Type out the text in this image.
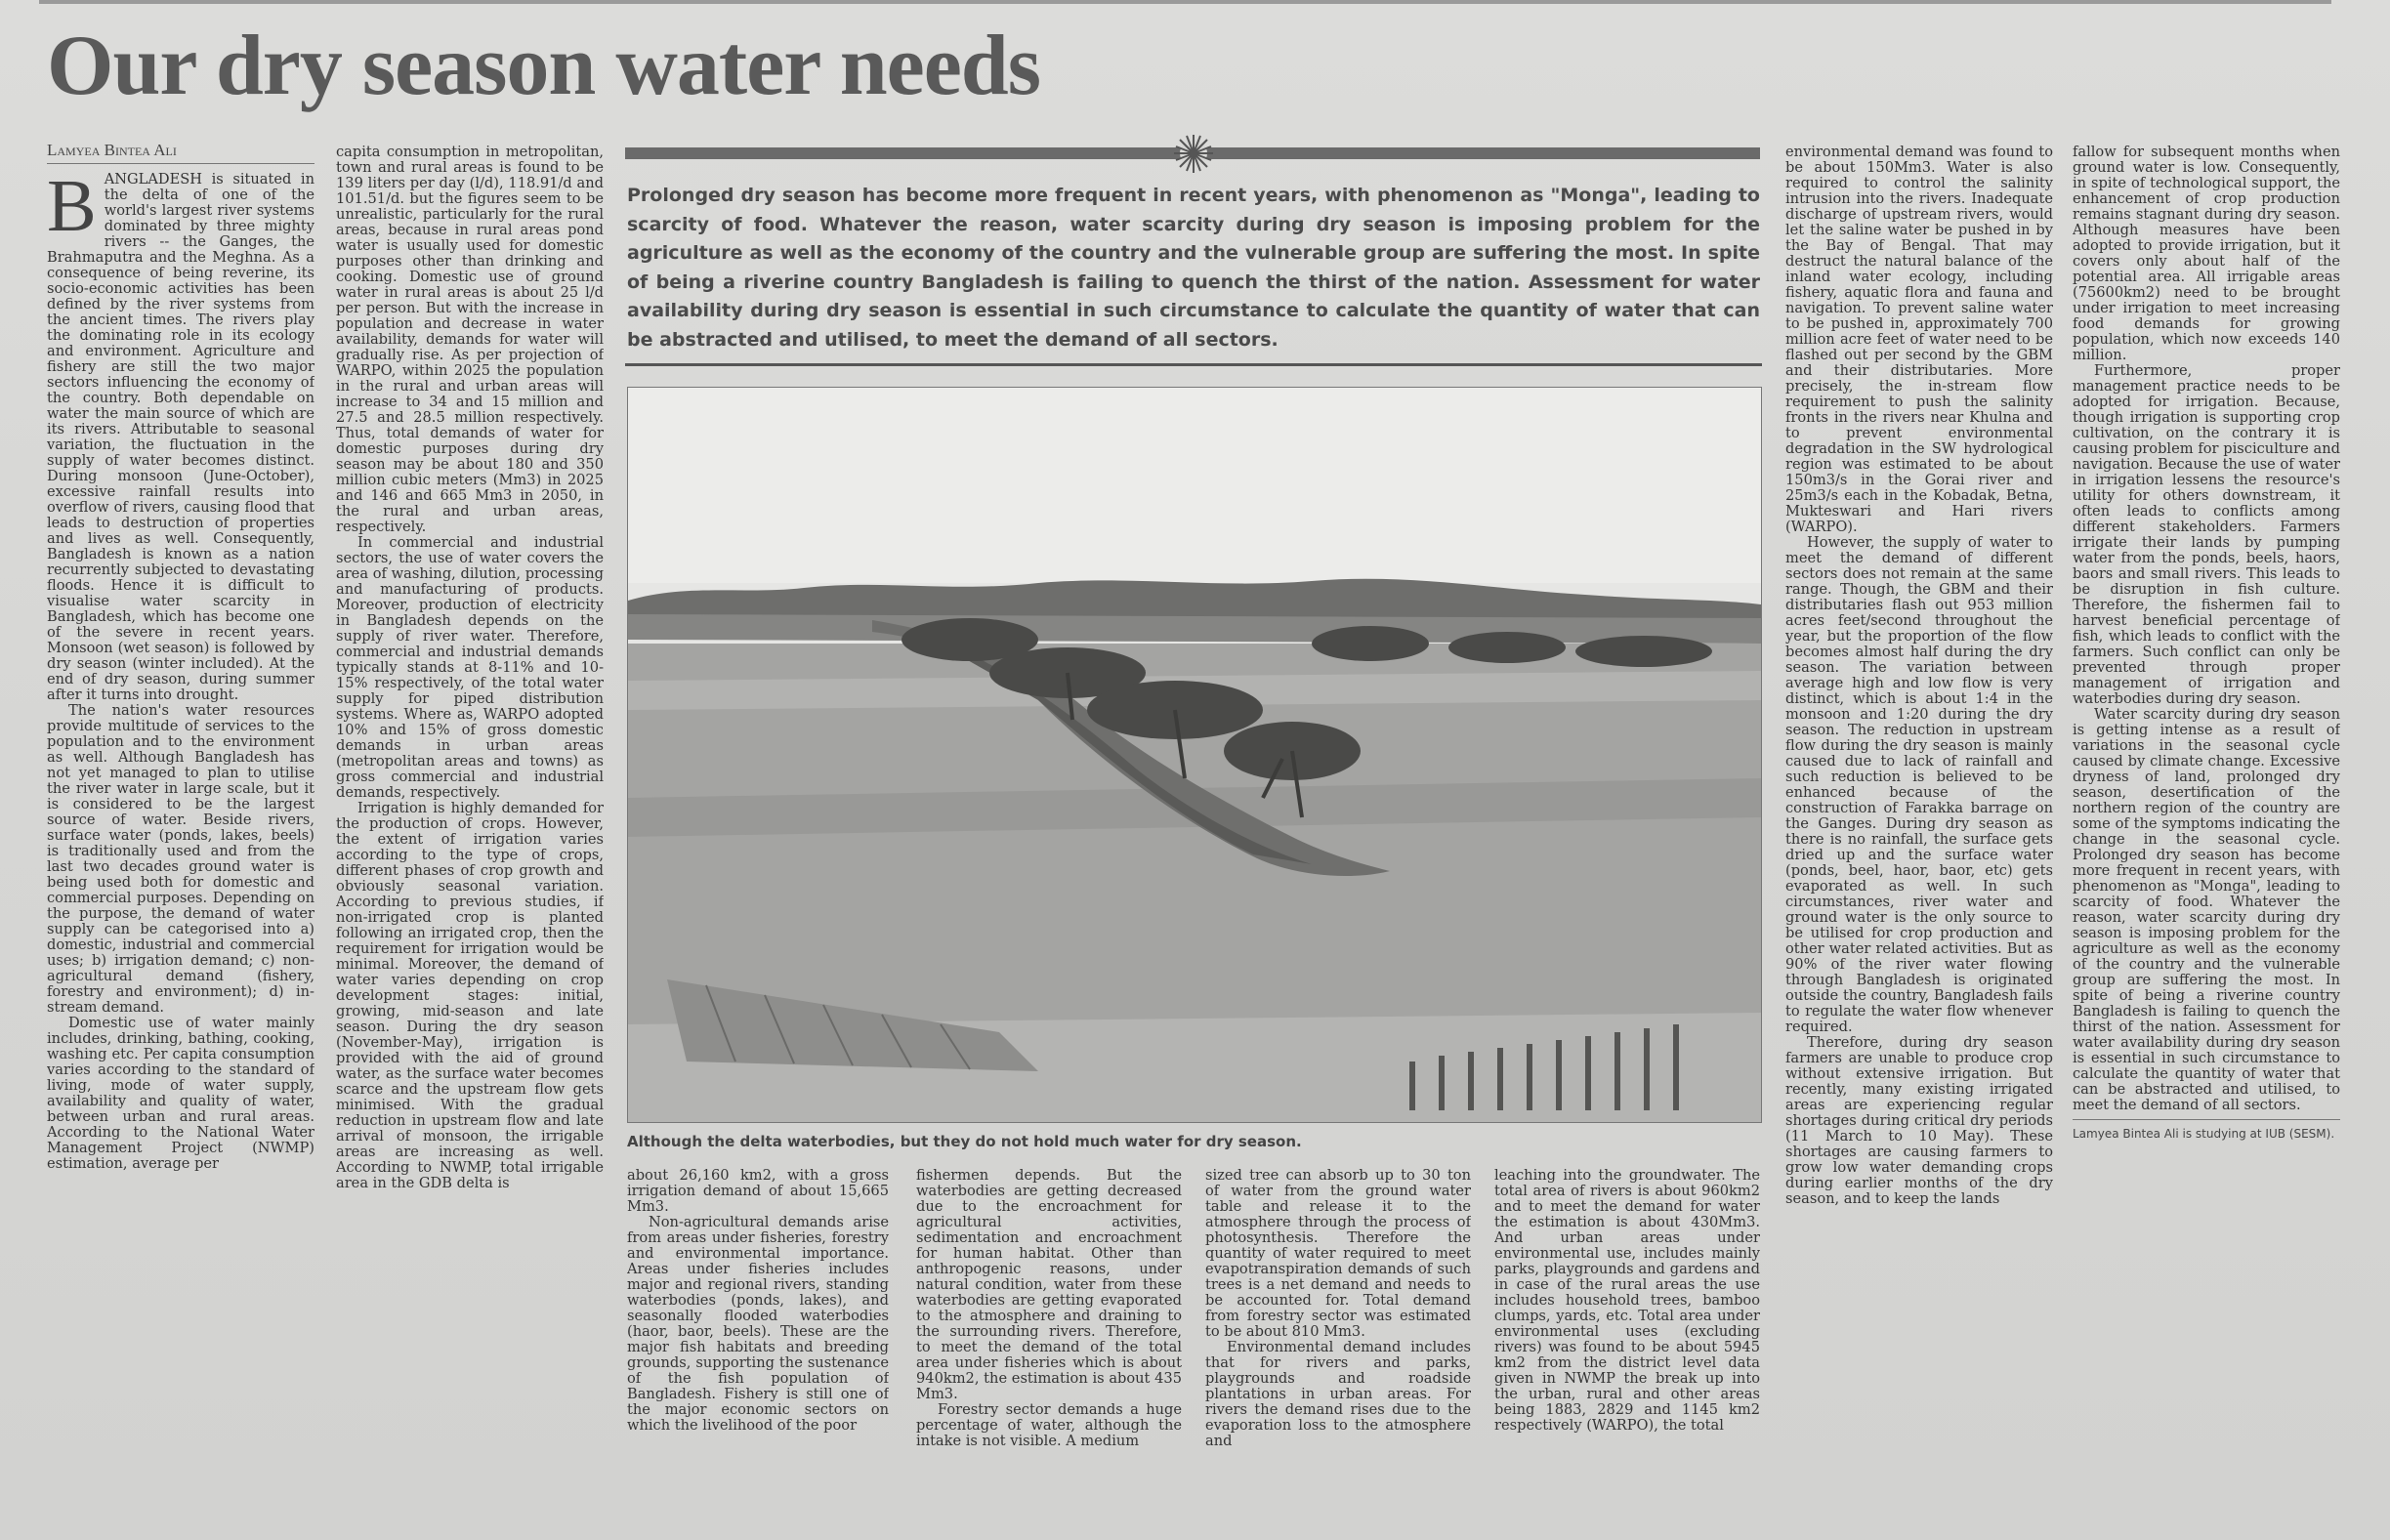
Our dry season water needs
Lamyea Bintea Ali

BANGLADESH is situated in the delta of one of the world's largest river systems dominated by three mighty rivers -- the Ganges, the Brahmaputra and the Meghna. As a consequence of being reverine, its socio-economic activities has been defined by the river systems from the ancient times. The rivers play the dominating role in its ecology and environment. Agriculture and fishery are still the two major sectors influencing the economy of the country. Both dependable on water the main source of which are its rivers. Attributable to seasonal variation, the fluctuation in the supply of water becomes distinct. During monsoon (June-October), excessive rainfall results into overflow of rivers, causing flood that leads to destruction of properties and lives as well. Consequently, Bangladesh is known as a nation recurrently subjected to devastating floods. Hence it is difficult to visualise water scarcity in Bangladesh, which has become one of the severe in recent years. Monsoon (wet season) is followed by dry season (winter included). At the end of dry season, during summer after it turns into drought.

The nation's water resources provide multitude of services to the population and to the environment as well. Although Bangladesh has not yet managed to plan to utilise the river water in large scale, but it is considered to be the largest source of water. Beside rivers, surface water (ponds, lakes, beels) is traditionally used and from the last two decades ground water is being used both for domestic and commercial purposes. Depending on the purpose, the demand of water supply can be categorised into a) domestic, industrial and commercial uses; b) irrigation demand; c) non-agricultural demand (fishery, forestry and environment); d) in-stream demand.

Domestic use of water mainly includes, drinking, bathing, cooking, washing etc. Per capita consumption varies according to the standard of living, mode of water supply, availability and quality of water, between urban and rural areas. According to the National Water Management Project (NWMP) estimation, average per

capita consumption in metropolitan, town and rural areas is found to be 139 liters per day (l/d), 118.91/d and 101.51/d. but the figures seem to be unrealistic, particularly for the rural areas, because in rural areas pond water is usually used for domestic purposes other than drinking and cooking. Domestic use of ground water in rural areas is about 25 l/d per person. But with the increase in population and decrease in water availability, demands for water will gradually rise. As per projection of WARPO, within 2025 the population in the rural and urban areas will increase to 34 and 15 million and 27.5 and 28.5 million respectively. Thus, total demands of water for domestic purposes during dry season may be about 180 and 350 million cubic meters (Mm3) in 2025 and 146 and 665 Mm3 in 2050, in the rural and urban areas, respectively.

In commercial and industrial sectors, the use of water covers the area of washing, dilution, processing and manufacturing of products. Moreover, production of electricity in Bangladesh depends on the supply of river water. Therefore, commercial and industrial demands typically stands at 8-11% and 10-15% respectively, of the total water supply for piped distribution systems. Where as, WARPO adopted 10% and 15% of gross domestic demands in urban areas (metropolitan areas and towns) as gross commercial and industrial demands, respectively.

Irrigation is highly demanded for the production of crops. However, the extent of irrigation varies according to the type of crops, different phases of crop growth and obviously seasonal variation. According to previous studies, if non-irrigated crop is planted following an irrigated crop, then the requirement for irrigation would be minimal. Moreover, the demand of water varies depending on crop development stages: initial, growing, mid-season and late season. During the dry season (November-May), irrigation is provided with the aid of ground water, as the surface water becomes scarce and the upstream flow gets minimised. With the gradual reduction in upstream flow and late arrival of monsoon, the irrigable areas are increasing as well. According to NWMP, total irrigable area in the GDB delta is

Prolonged dry season has become more frequent in recent years, with phenomenon as "Monga", leading to scarcity of food. Whatever the reason, water scarcity during dry season is imposing problem for the agriculture as well as the economy of the country and the vulnerable group are suffering the most. In spite of being a riverine country Bangladesh is failing to quench the thirst of the nation. Assessment for water availability during dry season is essential in such circumstance to calculate the quantity of water that can be abstracted and utilised, to meet the demand of all sectors.

Although the delta waterbodies, but they do not hold much water for dry season.

about 26,160 km2, with a gross irrigation demand of about 15,665 Mm3.

Non-agricultural demands arise from areas under fisheries, forestry and environmental importance. Areas under fisheries includes major and regional rivers, standing waterbodies (ponds, lakes), and seasonally flooded waterbodies (haor, baor, beels). These are the major fish habitats and breeding grounds, supporting the sustenance of the fish population of Bangladesh. Fishery is still one of the major economic sectors on which the livelihood of the poor

fishermen depends. But the waterbodies are getting decreased due to the encroachment for agricultural activities, sedimentation and encroachment for human habitat. Other than anthropogenic reasons, under natural condition, water from these waterbodies are getting evaporated to the atmosphere and draining to the surrounding rivers. Therefore, to meet the demand of the total area under fisheries which is about 940km2, the estimation is about 435 Mm3.

Forestry sector demands a huge percentage of water, although the intake is not visible. A medium

sized tree can absorb up to 30 ton of water from the ground water table and release it to the atmosphere through the process of photosynthesis. Therefore the quantity of water required to meet evapotranspiration demands of such trees is a net demand and needs to be accounted for. Total demand from forestry sector was estimated to be about 810 Mm3.

Environmental demand includes that for rivers and parks, playgrounds and roadside plantations in urban areas. For rivers the demand rises due to the evaporation loss to the atmosphere and

leaching into the groundwater. The total area of rivers is about 960km2 and to meet the demand for water the estimation is about 430Mm3. And urban areas under environmental use, includes mainly parks, playgrounds and gardens and in case of the rural areas the use includes household trees, bamboo clumps, yards, etc. Total area under environmental uses (excluding rivers) was found to be about 5945 km2 from the district level data given in NWMP the break up into the urban, rural and other areas being 1883, 2829 and 1145 km2 respectively (WARPO), the total

environmental demand was found to be about 150Mm3. Water is also required to control the salinity intrusion into the rivers. Inadequate discharge of upstream rivers, would let the saline water be pushed in by the Bay of Bengal. That may destruct the natural balance of the inland water ecology, including fishery, aquatic flora and fauna and navigation. To prevent saline water to be pushed in, approximately 700 million acre feet of water need to be flashed out per second by the GBM and their distributaries. More precisely, the in-stream flow requirement to push the salinity fronts in the rivers near Khulna and to prevent environmental degradation in the SW hydrological region was estimated to be about 150m3/s in the Gorai river and 25m3/s each in the Kobadak, Betna, Mukteswari and Hari rivers (WARPO).

However, the supply of water to meet the demand of different sectors does not remain at the same range. Though, the GBM and their distributaries flash out 953 million acres feet/second throughout the year, but the proportion of the flow becomes almost half during the dry season. The variation between average high and low flow is very distinct, which is about 1:4 in the monsoon and 1:20 during the dry season. The reduction in upstream flow during the dry season is mainly caused due to lack of rainfall and such reduction is believed to be enhanced because of the construction of Farakka barrage on the Ganges. During dry season as there is no rainfall, the surface gets dried up and the surface water (ponds, beel, haor, baor, etc) gets evaporated as well. In such circumstances, river water and ground water is the only source to be utilised for crop production and other water related activities. But as 90% of the river water flowing through Bangladesh is originated outside the country, Bangladesh fails to regulate the water flow whenever required.

Therefore, during dry season farmers are unable to produce crop without extensive irrigation. But recently, many existing irrigated areas are experiencing regular shortages during critical dry periods (11 March to 10 May). These shortages are causing farmers to grow low water demanding crops during earlier months of the dry season, and to keep the lands

fallow for subsequent months when ground water is low. Consequently, in spite of technological support, the enhancement of crop production remains stagnant during dry season. Although measures have been adopted to provide irrigation, but it covers only about half of the potential area. All irrigable areas (75600km2) need to be brought under irrigation to meet increasing food demands for growing population, which now exceeds 140 million.

Furthermore, proper management practice needs to be adopted for irrigation. Because, though irrigation is supporting crop cultivation, on the contrary it is causing problem for pisciculture and navigation. Because the use of water in irrigation lessens the resource's utility for others downstream, it often leads to conflicts among different stakeholders. Farmers irrigate their lands by pumping water from the ponds, beels, haors, baors and small rivers. This leads to be disruption in fish culture. Therefore, the fishermen fail to harvest beneficial percentage of fish, which leads to conflict with the farmers. Such conflict can only be prevented through proper management of irrigation and waterbodies during dry season.

Water scarcity during dry season is getting intense as a result of variations in the seasonal cycle caused by climate change. Excessive dryness of land, prolonged dry season, desertification of the northern region of the country are some of the symptoms indicating the change in the seasonal cycle. Prolonged dry season has become more frequent in recent years, with phenomenon as "Monga", leading to scarcity of food. Whatever the reason, water scarcity during dry season is imposing problem for the agriculture as well as the economy of the country and the vulnerable group are suffering the most. In spite of being a riverine country Bangladesh is failing to quench the thirst of the nation. Assessment for water availability during dry season is essential in such circumstance to calculate the quantity of water that can be abstracted and utilised, to meet the demand of all sectors.

Lamyea Bintea Ali is studying at IUB (SESM).
